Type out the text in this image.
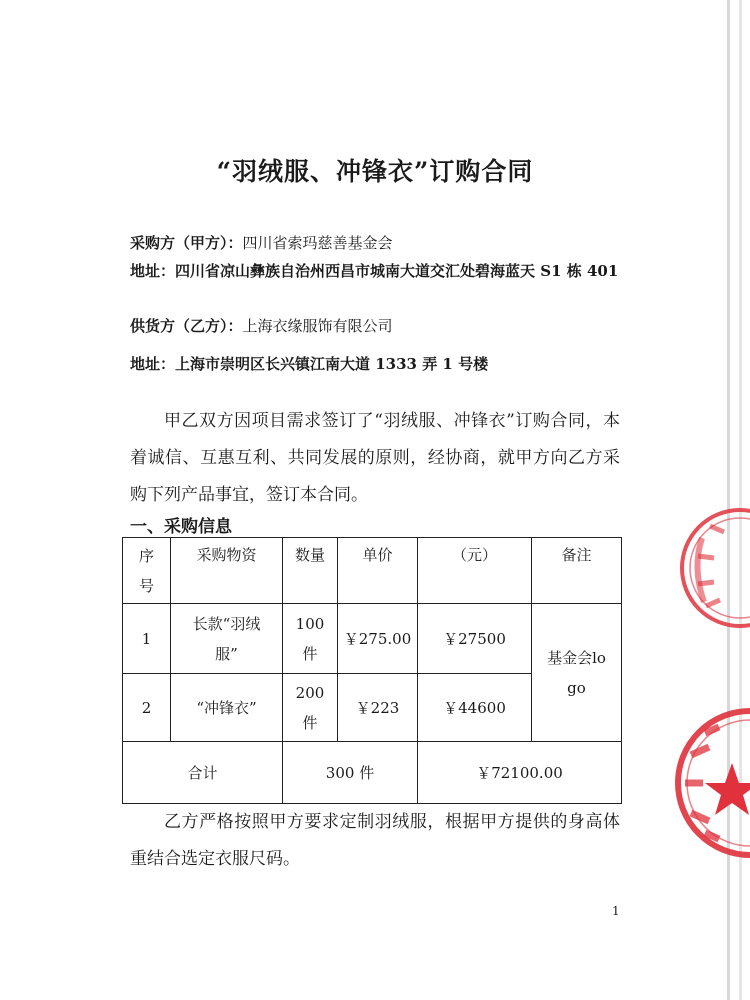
“羽绒服、冲锋衣”订购合同
采购方（甲方）：四川省索玛慈善基金会
地址：四川省凉山彝族自治州西昌市城南大道交汇处碧海蓝天 S1 栋 401
供货方（乙方）：上海衣缘服饰有限公司
地址：上海市崇明区长兴镇江南大道 1333 弄 1 号楼
甲乙双方因项目需求签订了“羽绒服、冲锋衣”订购合同，本着诚信、互惠互利、共同发展的原则，经协商，就甲方向乙方采购下列产品事宜，签订本合同。
一、采购信息
序号	采购物资	数量	单价	（元）	备注
1	长款“羽绒服”	100件	￥275.00	￥27500	基金会logo
2	“冲锋衣”	200件	￥223	￥44600	
合计		300 件		￥72100.00	
乙方严格按照甲方要求定制羽绒服，根据甲方提供的身高体重结合选定衣服尺码。
1
